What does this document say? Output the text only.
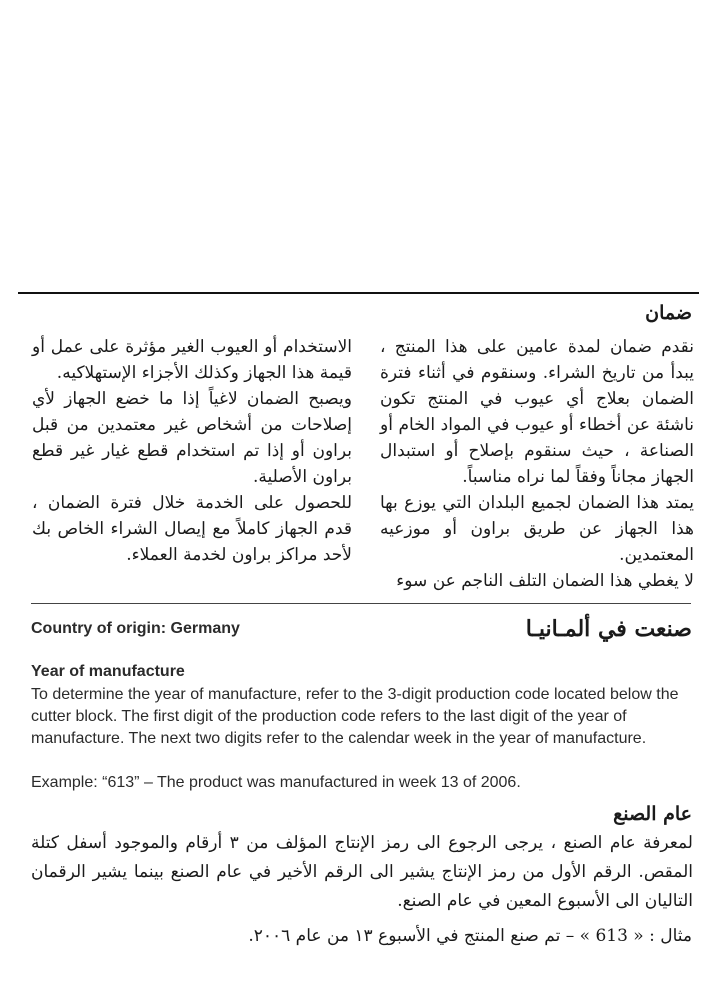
ضمان

نقدم ضمان لمدة عامين على هذا المنتج ، يبدأ من تاريخ الشراء. وسنقوم في أثناء فترة الضمان بعلاج أي عيوب في المنتج تكون ناشئة عن أخطاء أو عيوب في المواد الخام أو الصناعة ، حيث سنقوم بإصلاح أو استبدال الجهاز مجاناً وفقاً لما نراه مناسباً.

يمتد هذا الضمان لجميع البلدان التي يوزع بها هذا الجهاز عن طريق براون أو موزعيه المعتمدين.

لا يغطي هذا الضمان التلف الناجم عن سوء

الاستخدام أو العيوب الغير مؤثرة على عمل أو قيمة هذا الجهاز وكذلك الأجزاء الإستهلاكيه.

ويصبح الضمان لاغياً إذا ما خضع الجهاز لأي إصلاحات من أشخاص غير معتمدين من قبل براون أو إذا تم استخدام قطع غيار غير قطع براون الأصلية.

للحصول على الخدمة خلال فترة الضمان ، قدم الجهاز كاملاً مع إيصال الشراء الخاص بك لأحد مراكز براون لخدمة العملاء.

Country of origin: Germany	صنعت في ألمـانيـا
Year of manufacture

To determine the year of manufacture, refer to the 3-digit production code located below the cutter block. The first digit of the production code refers to the last digit of the year of manufacture. The next two digits refer to the calendar week in the year of manufacture.

Example: “613” – The product was manufactured in week 13 of 2006.

عام الصنع

لمعرفة عام الصنع ، يرجى الرجوع الى رمز الإنتاج المؤلف من ٣ أرقام والموجود أسفل كتلة المقص. الرقم الأول من رمز الإنتاج يشير الى الرقم الأخير في عام الصنع بينما يشير الرقمان التاليان الى الأسبوع المعين في عام الصنع.

مثال : « 613 » – تم صنع المنتج في الأسبوع ١٣ من عام ٢٠٠٦.
